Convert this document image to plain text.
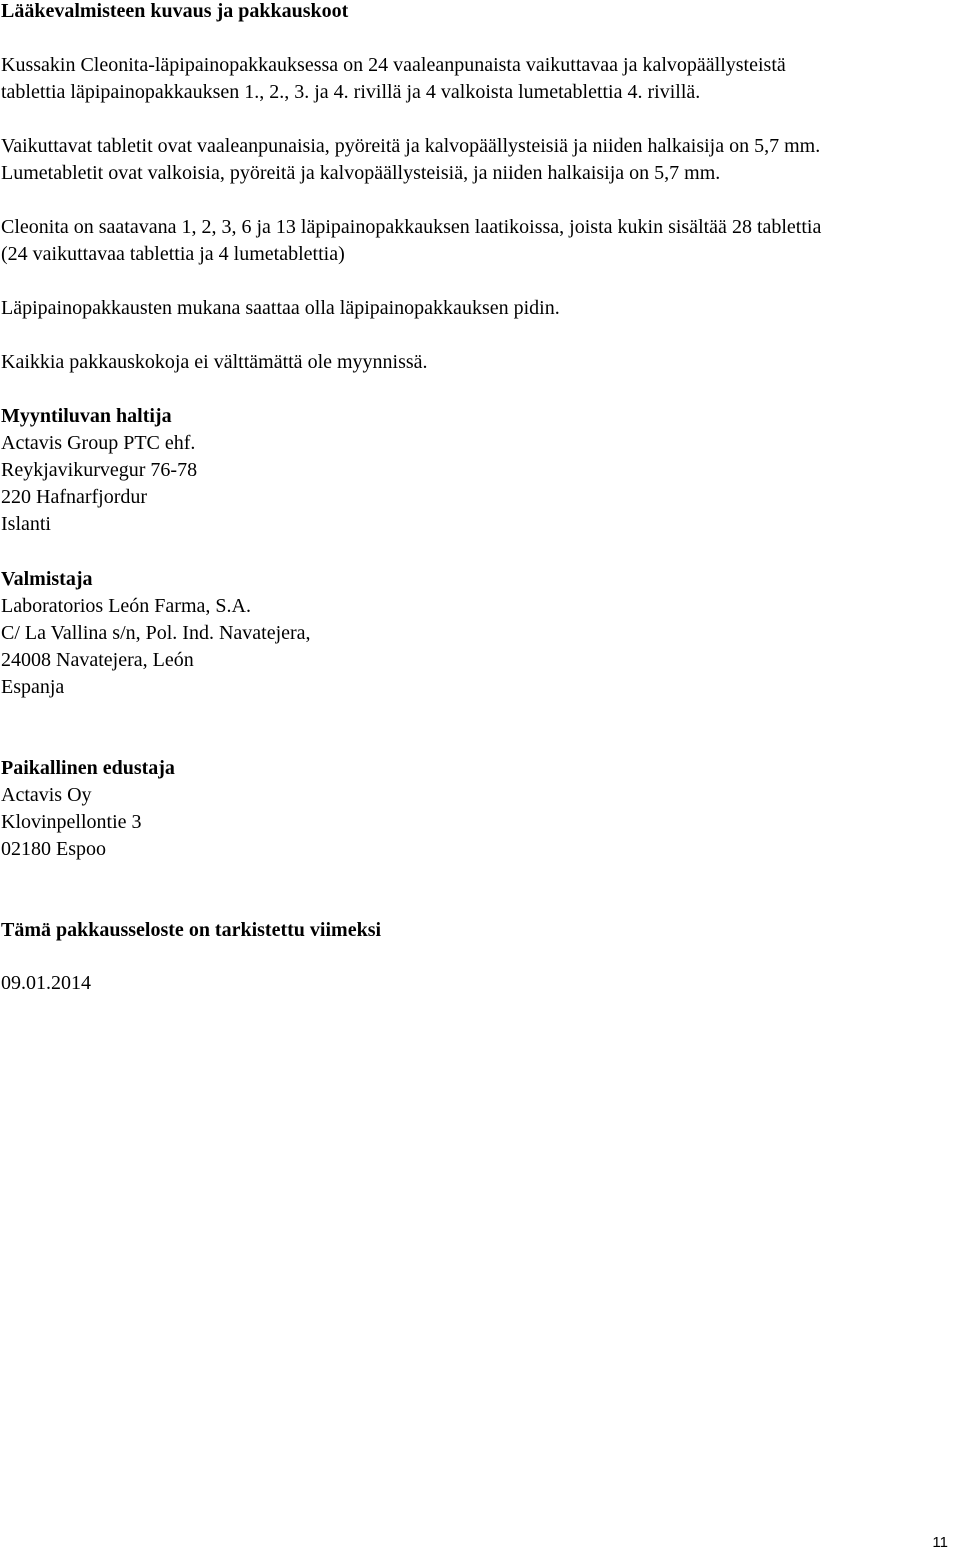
Lääkevalmisteen kuvaus ja pakkauskoot
Kussakin Cleonita-läpipainopakkauksessa on 24 vaaleanpunaista vaikuttavaa ja kalvopäällysteistä
tablettia läpipainopakkauksen 1., 2., 3. ja 4. rivillä ja 4 valkoista lumetablettia 4. rivillä.
Vaikuttavat tabletit ovat vaaleanpunaisia, pyöreitä ja kalvopäällysteisiä ja niiden halkaisija on 5,7 mm.
Lumetabletit ovat valkoisia, pyöreitä ja kalvopäällysteisiä, ja niiden halkaisija on 5,7 mm.
Cleonita on saatavana 1, 2, 3, 6 ja 13 läpipainopakkauksen laatikoissa, joista kukin sisältää 28 tablettia
(24 vaikuttavaa tablettia ja 4 lumetablettia)
Läpipainopakkausten mukana saattaa olla läpipainopakkauksen pidin.
Kaikkia pakkauskokoja ei välttämättä ole myynnissä.
Myyntiluvan haltija
Actavis Group PTC ehf.
Reykjavikurvegur 76-78
220 Hafnarfjordur
Islanti
Valmistaja
Laboratorios León Farma, S.A.
C/ La Vallina s/n, Pol. Ind. Navatejera,
24008 Navatejera, León
Espanja
Paikallinen edustaja
Actavis Oy
Klovinpellontie 3
02180 Espoo
Tämä pakkausseloste on tarkistettu viimeksi
09.01.2014
11
